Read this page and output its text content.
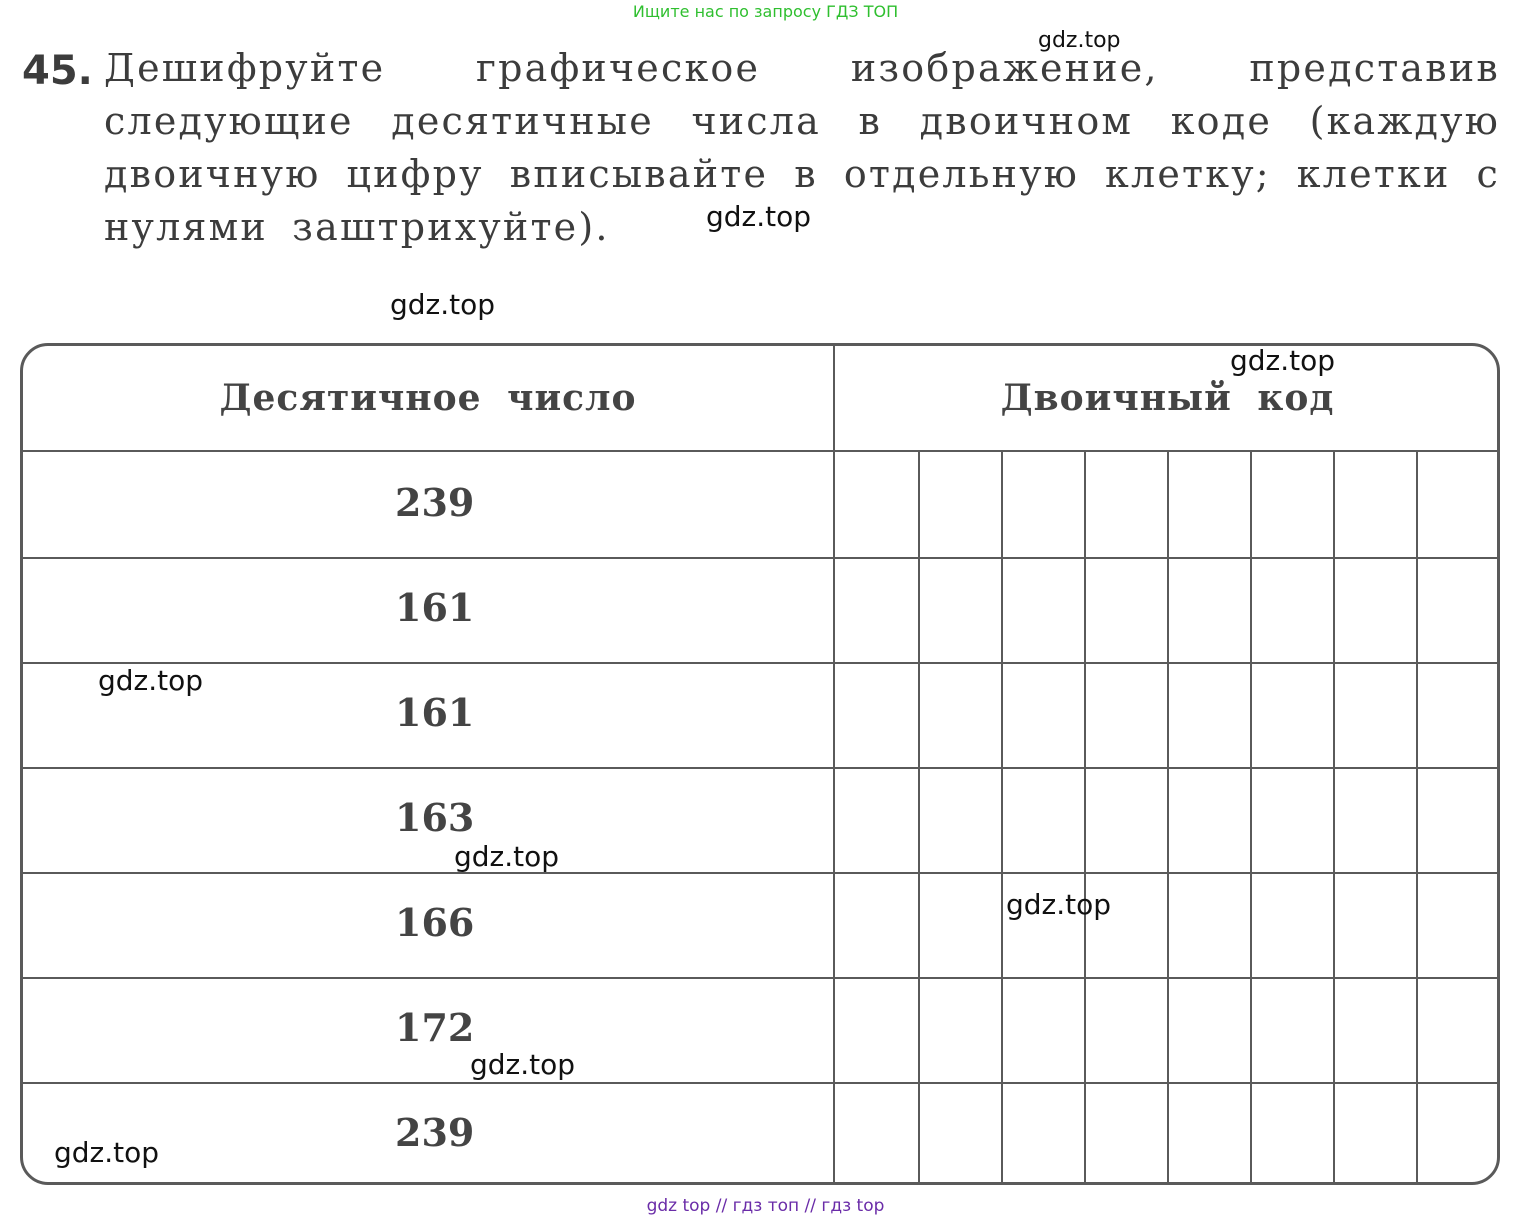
Ищите нас по запросу ГДЗ ТОП
45. Дешифруйте графическое изображение, представив следующие десятичные числа в двоичном коде (каждую двоичную цифру вписывайте в отдельную клетку; клетки с нулями заштрихуйте).
Десятичное число	Двоичный код
239
161
161
163
166
172
239
gdz.top
gdz.top
gdz.top
gdz.top
gdz.top
gdz.top
gdz.top
gdz.top
gdz.top
gdz top // гдз топ // гдз top
